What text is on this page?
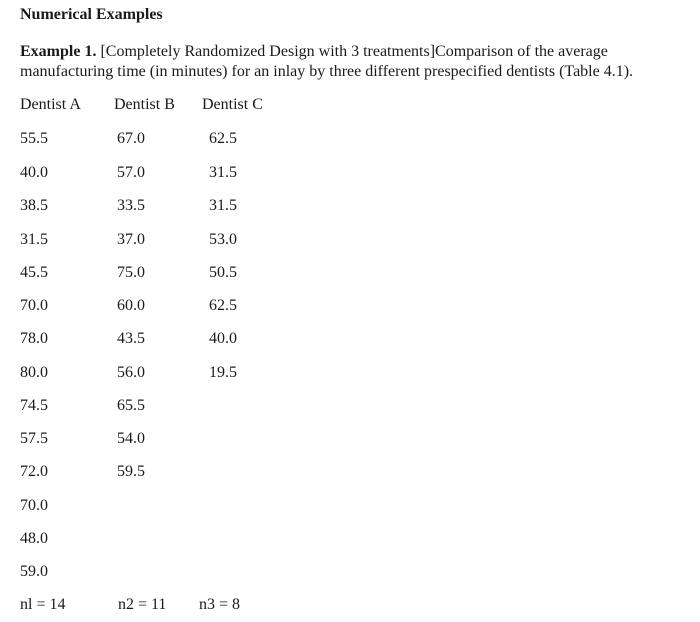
Numerical Examples
Example 1. [Completely Randomized Design with 3 treatments]Comparison of the average manufacturing time (in minutes) for an inlay by three different prespecified dentists (Table 4.1).
Dentist A Dentist B Dentist C
55.5	67.0	62.5
40.0	57.0	31.5
38.5	33.5	31.5
31.5	37.0	53.0
45.5	75.0	50.5
70.0	60.0	62.5
78.0	43.5	40.0
80.0	56.0	19.5
74.5	65.5
57.5	54.0
72.0	59.5
70.0
48.0
59.0
nl = 14	n2 = 11 n3 = 8
